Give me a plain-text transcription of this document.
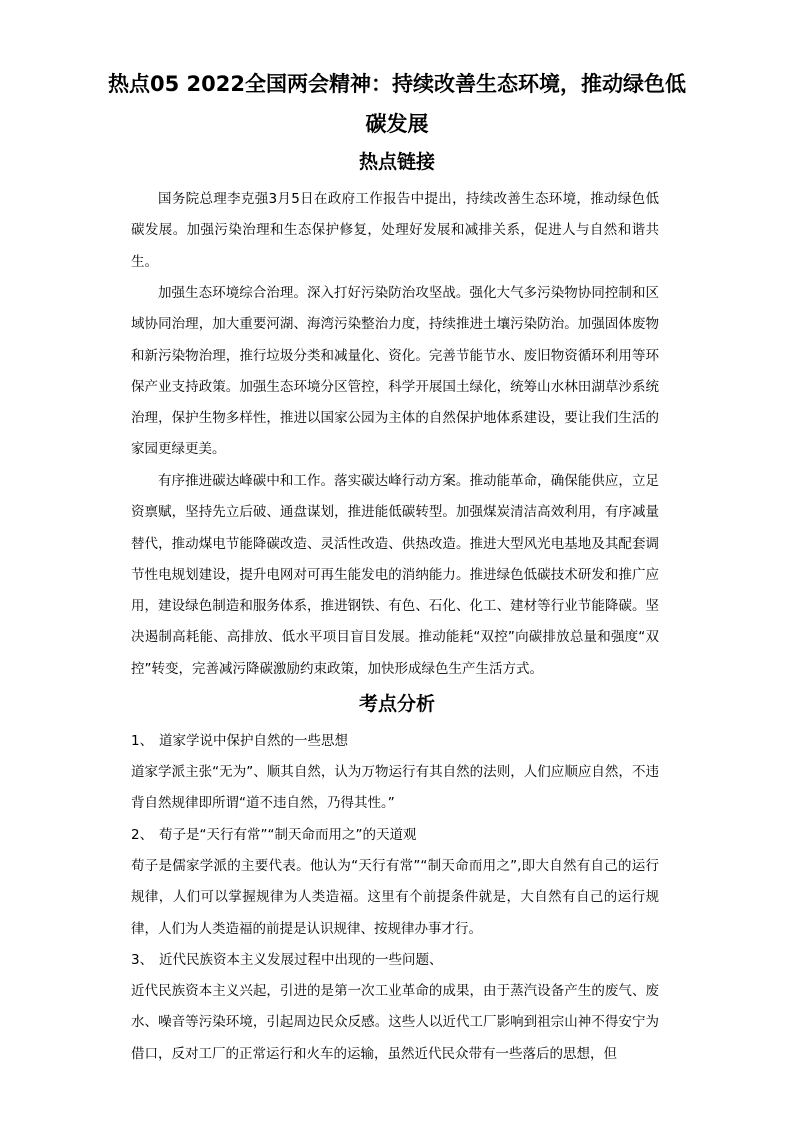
热点05 2022全国两会精神：持续改善生态环境，推动绿色低碳发展
热点链接

国务院总理李克强3月5日在政府工作报告中提出，持续改善生态环境，推动绿色低碳发展。加强污染治理和生态保护修复，处理好发展和减排关系，促进人与自然和谐共生。

加强生态环境综合治理。深入打好污染防治攻坚战。强化大气多污染物协同控制和区域协同治理，加大重要河湖、海湾污染整治力度，持续推进土壤污染防治。加强固体废物和新污染物治理，推行垃圾分类和减量化、资化。完善节能节水、废旧物资循环利用等环保产业支持政策。加强生态环境分区管控，科学开展国土绿化，统筹山水林田湖草沙系统治理，保护生物多样性，推进以国家公园为主体的自然保护地体系建设，要让我们生活的家园更绿更美。

有序推进碳达峰碳中和工作。落实碳达峰行动方案。推动能革命，确保能供应，立足资禀赋，坚持先立后破、通盘谋划，推进能低碳转型。加强煤炭清洁高效利用，有序减量替代，推动煤电节能降碳改造、灵活性改造、供热改造。推进大型风光电基地及其配套调节性电规划建设，提升电网对可再生能发电的消纳能力。推进绿色低碳技术研发和推广应用，建设绿色制造和服务体系，推进钢铁、有色、石化、化工、建材等行业节能降碳。坚决遏制高耗能、高排放、低水平项目盲目发展。推动能耗“双控”向碳排放总量和强度“双控”转变，完善减污降碳激励约束政策，加快形成绿色生产生活方式。

考点分析

1、 道家学说中保护自然的一些思想

道家学派主张“无为”、顺其自然，认为万物运行有其自然的法则，人们应顺应自然，不违背自然规律即所谓“道不违自然，乃得其性。”

2、 荀子是“天行有常”“制天命而用之”的天道观

荀子是儒家学派的主要代表。他认为“天行有常”“制天命而用之”,即大自然有自己的运行规律，人们可以掌握规律为人类造福。这里有个前提条件就是，大自然有自己的运行规律，人们为人类造福的前提是认识规律、按规律办事才行。

3、 近代民族资本主义发展过程中出现的一些问题、

近代民族资本主义兴起，引进的是第一次工业革命的成果，由于蒸汽设备产生的废气、废水、噪音等污染环境，引起周边民众反感。这些人以近代工厂影响到祖宗山神不得安宁为借口，反对工厂的正常运行和火车的运输，虽然近代民众带有一些落后的思想，但
